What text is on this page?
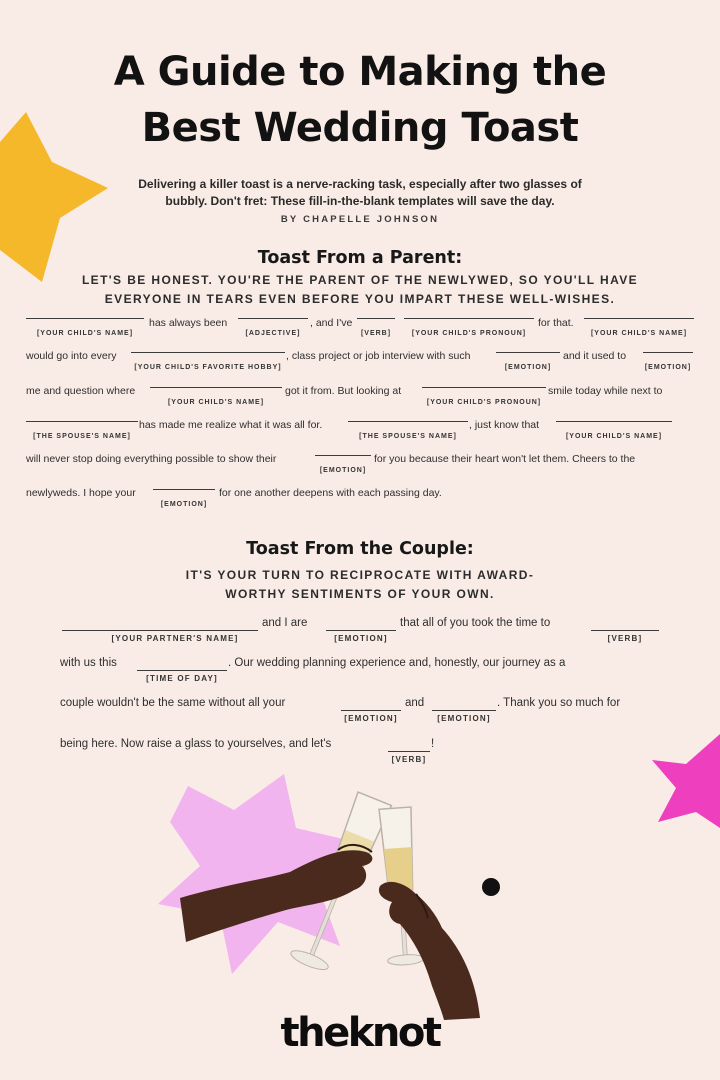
A Guide to Making the
Best Wedding Toast
Delivering a killer toast is a nerve-racking task, especially after two glasses of
bubbly. Don't fret: These fill-in-the-blank templates will save the day.
BY CHAPELLE JOHNSON
Toast From a Parent:
LET'S BE HONEST. YOU'RE THE PARENT OF THE NEWLYWED, SO YOU'LL HAVE
EVERYONE IN TEARS EVEN BEFORE YOU IMPART THESE WELL-WISHES.
[YOUR CHILD'S NAME]
has always been
[ADJECTIVE]
, and I've
[VERB]	[YOUR CHILD'S PRONOUN]
for that.
[YOUR CHILD'S NAME]
would go into every
[YOUR CHILD'S FAVORITE HOBBY]
, class project or job interview with such
[EMOTION]
and it used to
[EMOTION]
me and question where
[YOUR CHILD'S NAME]
got it from. But looking at
[YOUR CHILD'S PRONOUN]
smile today while next to
[THE SPOUSE'S NAME]
has made me realize what it was all for.
[THE SPOUSE'S NAME]
, just know that
[YOUR CHILD'S NAME]
will never stop doing everything possible to show their
[EMOTION]
for you because their heart won't let them. Cheers to the
newlyweds. I hope your
[EMOTION]
for one another deepens with each passing day.
Toast From the Couple:
IT'S YOUR TURN TO RECIPROCATE WITH AWARD-
WORTHY SENTIMENTS OF YOUR OWN.
[YOUR PARTNER'S NAME]
and I are
[EMOTION]
that all of you took the time to
[VERB]
with us this
[TIME OF DAY]
. Our wedding planning experience and, honestly, our journey as a
couple wouldn't be the same without all your
[EMOTION]
and
[EMOTION]
. Thank you so much for
being here. Now raise a glass to yourselves, and let's
[VERB]
!
theknot
